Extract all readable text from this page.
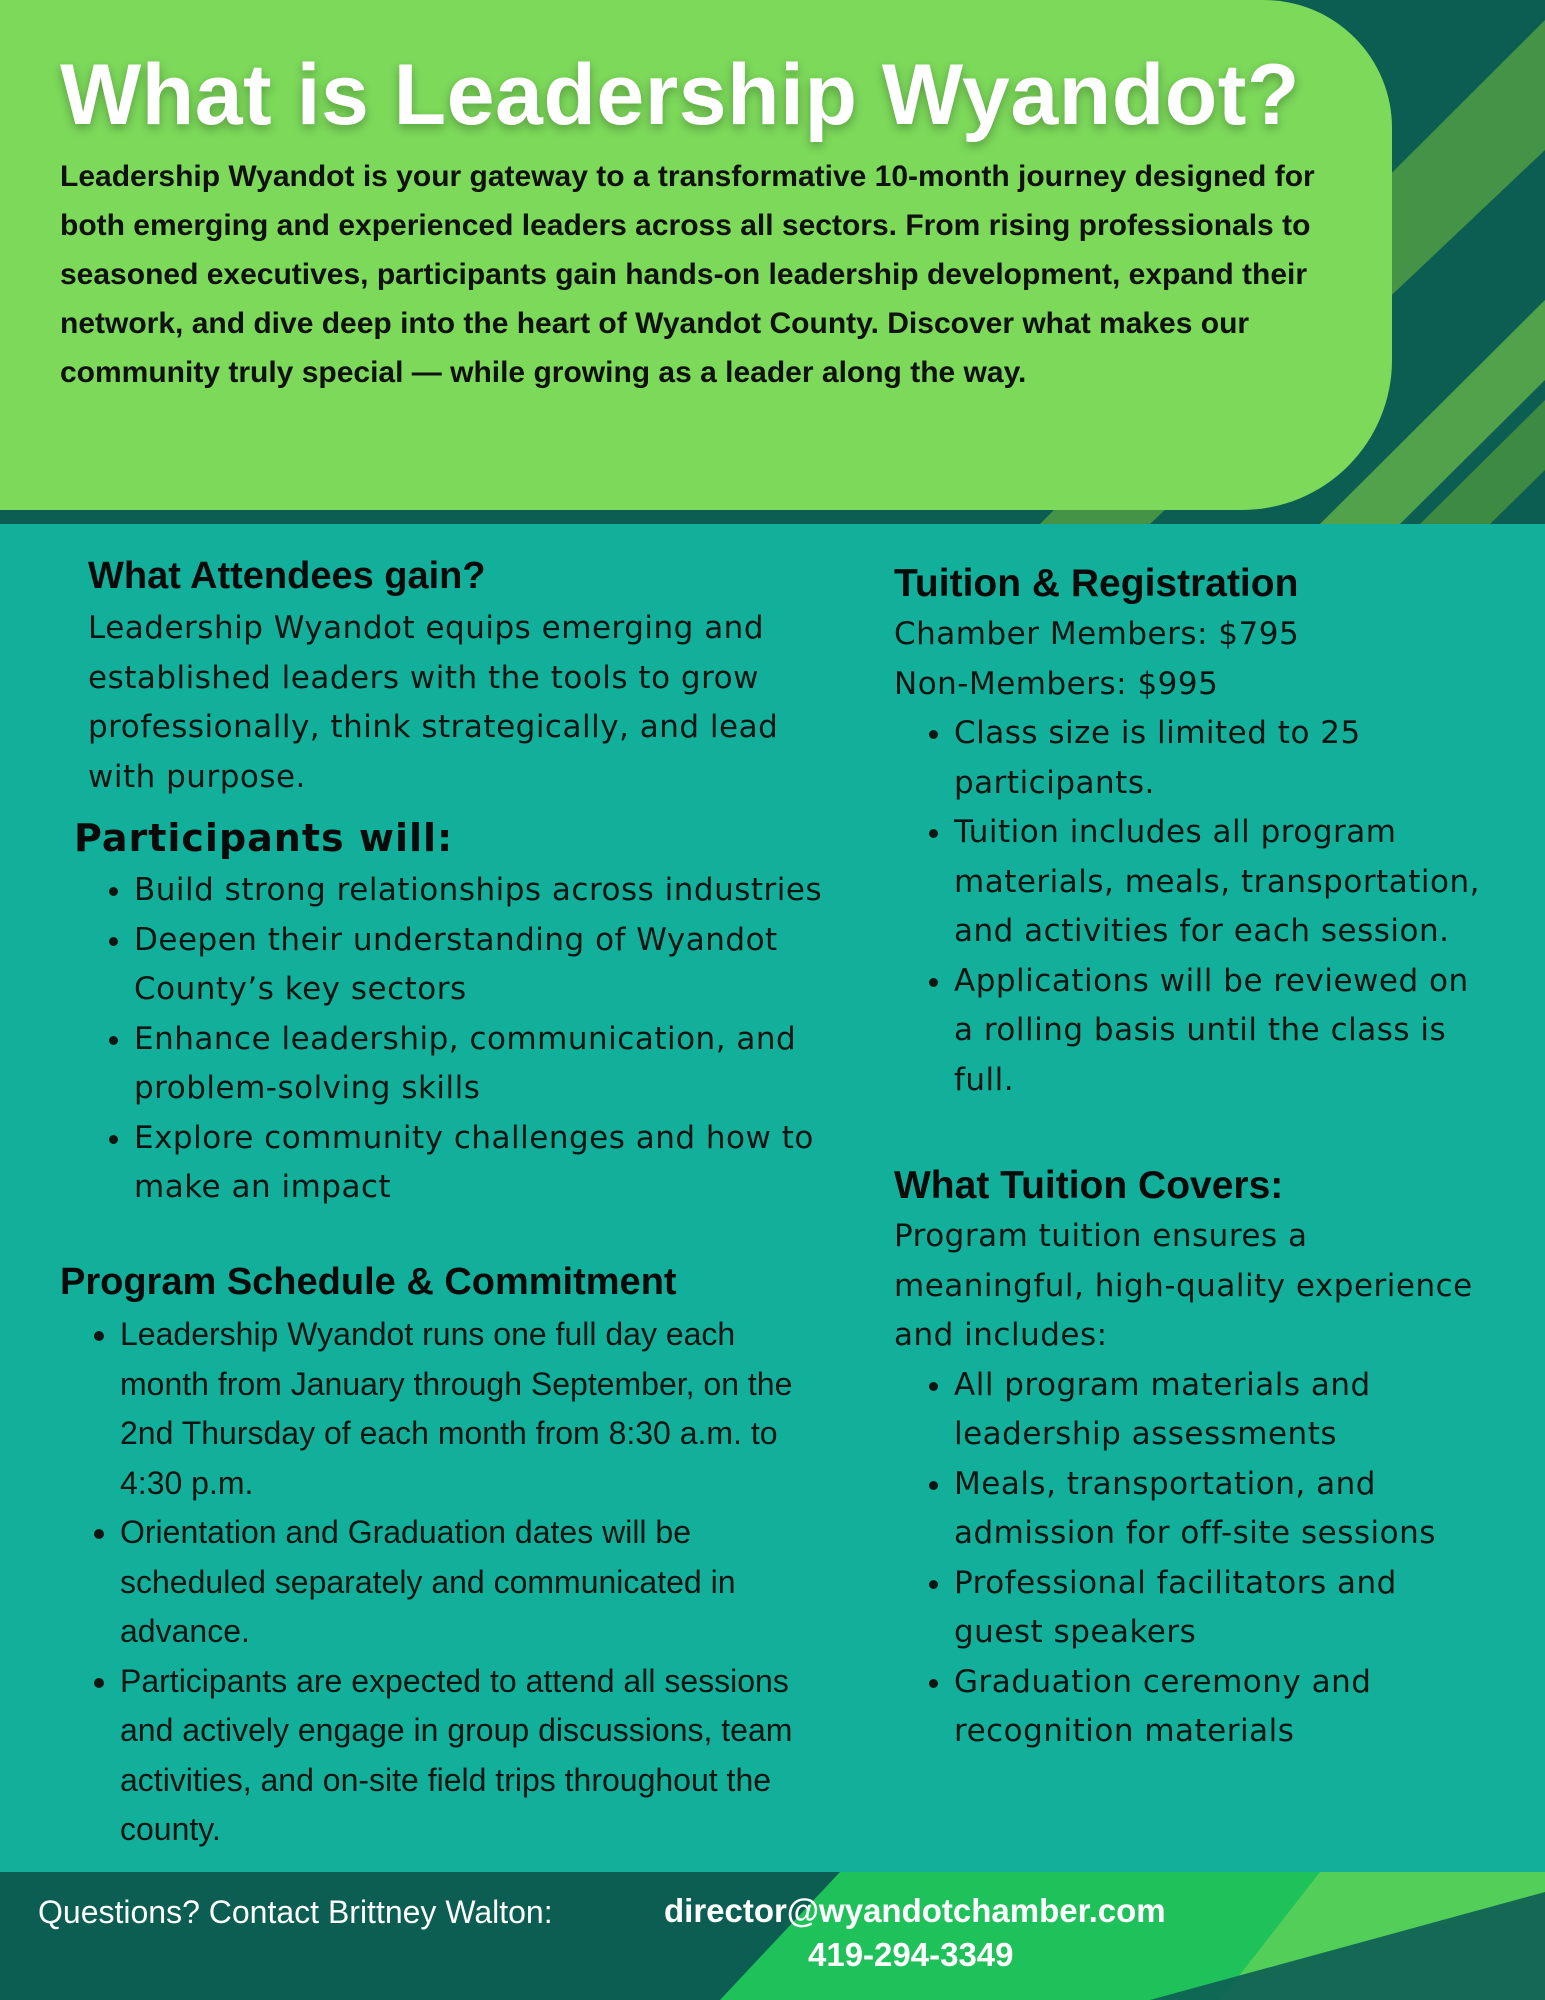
What is Leadership Wyandot?

Leadership Wyandot is your gateway to a transformative 10-month journey designed for both emerging and experienced leaders across all sectors. From rising professionals to seasoned executives, participants gain hands-on leadership development, expand their network, and dive deep into the heart of Wyandot County. Discover what makes our community truly special — while growing as a leader along the way.

What Attendees gain?

Leadership Wyandot equips emerging and established leaders with the tools to grow professionally, think strategically, and lead with purpose.

Participants will:
• Build strong relationships across industries
• Deepen their understanding of Wyandot County’s key sectors
• Enhance leadership, communication, and problem-solving skills
• Explore community challenges and how to make an impact
Program Schedule & Commitment
• Leadership Wyandot runs one full day each month from January through September, on the 2nd Thursday of each month from 8:30 a.m. to 4:30 p.m.
• Orientation and Graduation dates will be scheduled separately and communicated in advance.
• Participants are expected to attend all sessions and actively engage in group discussions, team activities, and on-site field trips throughout the county.
Tuition & Registration

Chamber Members: $795

Non-Members: $995

• Class size is limited to 25 participants.
• Tuition includes all program materials, meals, transportation, and activities for each session.
• Applications will be reviewed on a rolling basis until the class is full.
What Tuition Covers:

Program tuition ensures a meaningful, high-quality experience and includes:

• All program materials and leadership assessments
• Meals, transportation, and admission for off-site sessions
• Professional facilitators and guest speakers
• Graduation ceremony and recognition materials
Questions? Contact Brittney Walton:	director@wyandotchamber.com
419-294-3349
